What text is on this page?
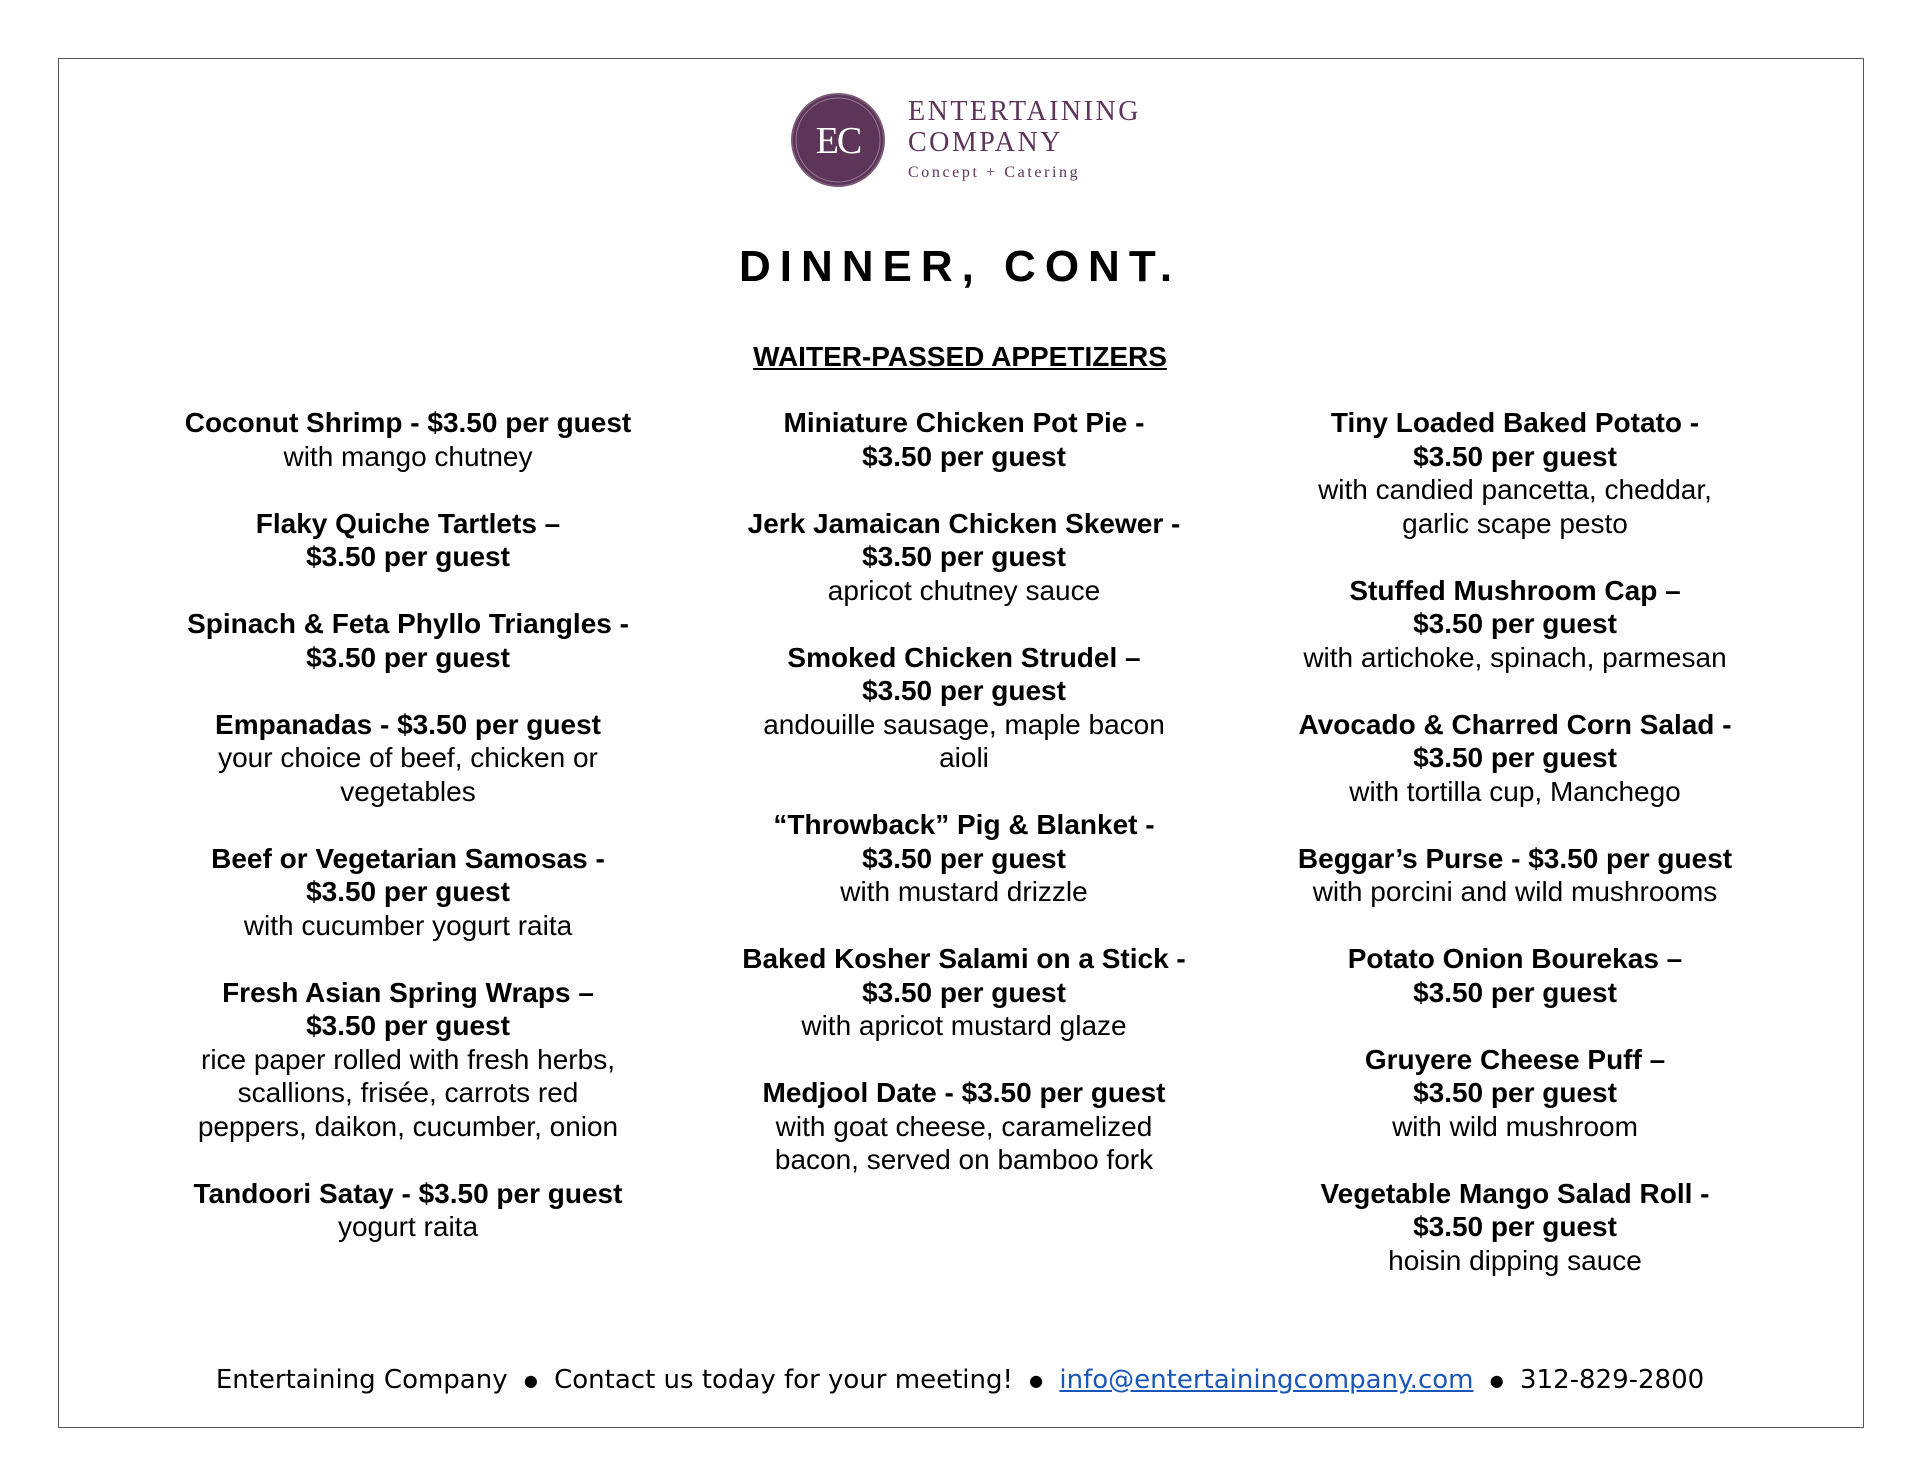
EC
ENTERTAINING
COMPANY
Concept + Catering
DINNER, CONT.
WAITER-PASSED APPETIZERS
Coconut Shrimp - $3.50 per guest
with mango chutney
Flaky Quiche Tartlets –
$3.50 per guest
Spinach & Feta Phyllo Triangles -
$3.50 per guest
Empanadas - $3.50 per guest
your choice of beef, chicken or
vegetables
Beef or Vegetarian Samosas -
$3.50 per guest
with cucumber yogurt raita
Fresh Asian Spring Wraps –
$3.50 per guest
rice paper rolled with fresh herbs,
scallions, frisée, carrots red
peppers, daikon, cucumber, onion
Tandoori Satay - $3.50 per guest
yogurt raita
Miniature Chicken Pot Pie -
$3.50 per guest
Jerk Jamaican Chicken Skewer -
$3.50 per guest
apricot chutney sauce
Smoked Chicken Strudel –
$3.50 per guest
andouille sausage, maple bacon
aioli
“Throwback” Pig & Blanket -
$3.50 per guest
with mustard drizzle
Baked Kosher Salami on a Stick -
$3.50 per guest
with apricot mustard glaze
Medjool Date - $3.50 per guest
with goat cheese, caramelized
bacon, served on bamboo fork
Tiny Loaded Baked Potato -
$3.50 per guest
with candied pancetta, cheddar,
garlic scape pesto
Stuffed Mushroom Cap –
$3.50 per guest
with artichoke, spinach, parmesan
Avocado & Charred Corn Salad -
$3.50 per guest
with tortilla cup, Manchego
Beggar’s Purse - $3.50 per guest
with porcini and wild mushrooms
Potato Onion Bourekas –
$3.50 per guest
Gruyere Cheese Puff –
$3.50 per guest
with wild mushroom
Vegetable Mango Salad Roll -
$3.50 per guest
hoisin dipping sauce
Entertaining Company ● Contact us today for your meeting! ● info@entertainingcompany.com ● 312-829-2800
